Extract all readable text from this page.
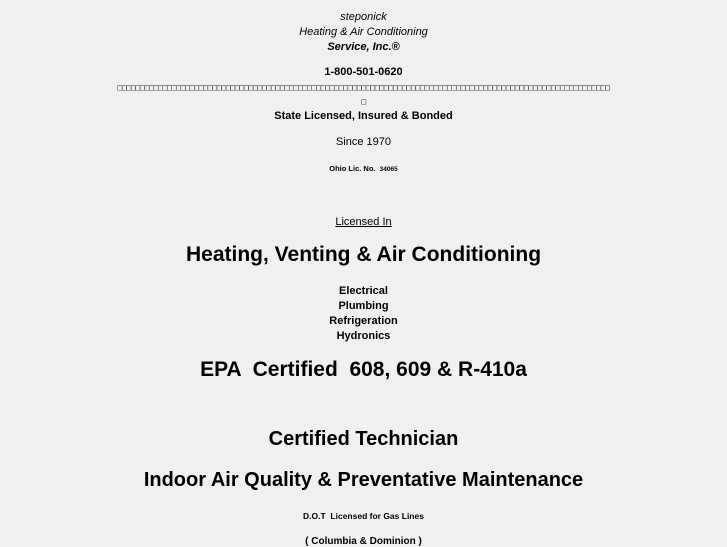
steponick
Heating & Air Conditioning
Service, Inc.®
1-800-501-0620
□□□□□□□□□□□□□□□□□□□□□□□□□□□□□□□□□□□□□□□□□□□□□□□□□□□□□□□□□□□□□□□□□□□□□□□□□□□□□□□□□□□□□□□□□□□□□□□□□□□□□□□□□□□□□
□
State Licensed, Insured & Bonded
Since 1970
Ohio Lic. No. 34065
Licensed In
Heating, Venting & Air Conditioning
Electrical
Plumbing
Refrigeration
Hydronics
EPA  Certified  608, 609 & R-410a
Certified Technician
Indoor Air Quality & Preventative Maintenance
D.O.T  Licensed for Gas Lines
( Columbia & Dominion )
